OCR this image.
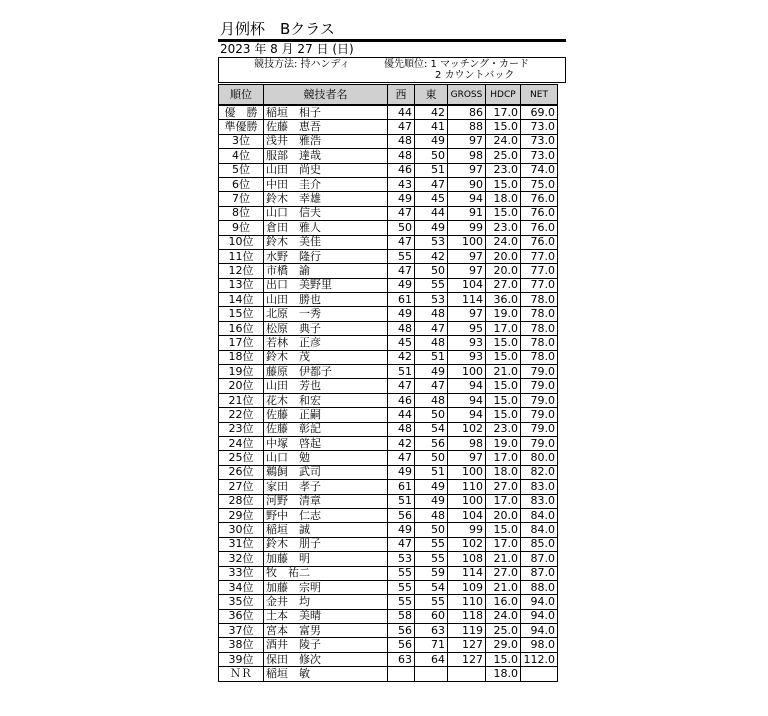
月例杯　Bクラス
2023 年 8 月 27 日 (日)
競技方法: 持ハンディ	優先順位: 1 マッチング・カード
2 カウントバック
順位	競技者名	西	東	GROSS	HDCP	NET
優　勝	稲垣　相子	44	42	86	17.0	69.0
準優勝	佐藤　恵吾	47	41	88	15.0	73.0
3位	浅井　雅浩	48	49	97	24.0	73.0
4位	服部　達哉	48	50	98	25.0	73.0
5位	山田　尚史	46	51	97	23.0	74.0
6位	中田　圭介	43	47	90	15.0	75.0
7位	鈴木　幸雄	49	45	94	18.0	76.0
8位	山口　信夫	47	44	91	15.0	76.0
9位	倉田　雅人	50	49	99	23.0	76.0
10位	鈴木　美佳	47	53	100	24.0	76.0
11位	水野　隆行	55	42	97	20.0	77.0
12位	市橋　諭	47	50	97	20.0	77.0
13位	出口　美野里	49	55	104	27.0	77.0
14位	山田　勝也	61	53	114	36.0	78.0
15位	北原　一秀	49	48	97	19.0	78.0
16位	松原　典子	48	47	95	17.0	78.0
17位	若林　正彦	45	48	93	15.0	78.0
18位	鈴木　茂	42	51	93	15.0	78.0
19位	藤原　伊都子	51	49	100	21.0	79.0
20位	山田　芳也	47	47	94	15.0	79.0
21位	花木　和宏	46	48	94	15.0	79.0
22位	佐藤　正嗣	44	50	94	15.0	79.0
23位	佐藤　彰記	48	54	102	23.0	79.0
24位	中塚　啓起	42	56	98	19.0	79.0
25位	山口　勉	47	50	97	17.0	80.0
26位	鵜飼　武司	49	51	100	18.0	82.0
27位	家田　孝子	61	49	110	27.0	83.0
28位	河野　清章	51	49	100	17.0	83.0
29位	野中　仁志	56	48	104	20.0	84.0
30位	稲垣　誠	49	50	99	15.0	84.0
31位	鈴木　朋子	47	55	102	17.0	85.0
32位	加藤　明	53	55	108	21.0	87.0
33位	牧　祐二	55	59	114	27.0	87.0
34位	加藤　宗明	55	54	109	21.0	88.0
35位	金井　均	55	55	110	16.0	94.0
36位	土本　美晴	58	60	118	24.0	94.0
37位	宮本　富男	56	63	119	25.0	94.0
38位	酒井　陵子	56	71	127	29.0	98.0
39位	保田　修次	63	64	127	15.0	112.0
ＮＲ	稲垣　敏				18.0	
